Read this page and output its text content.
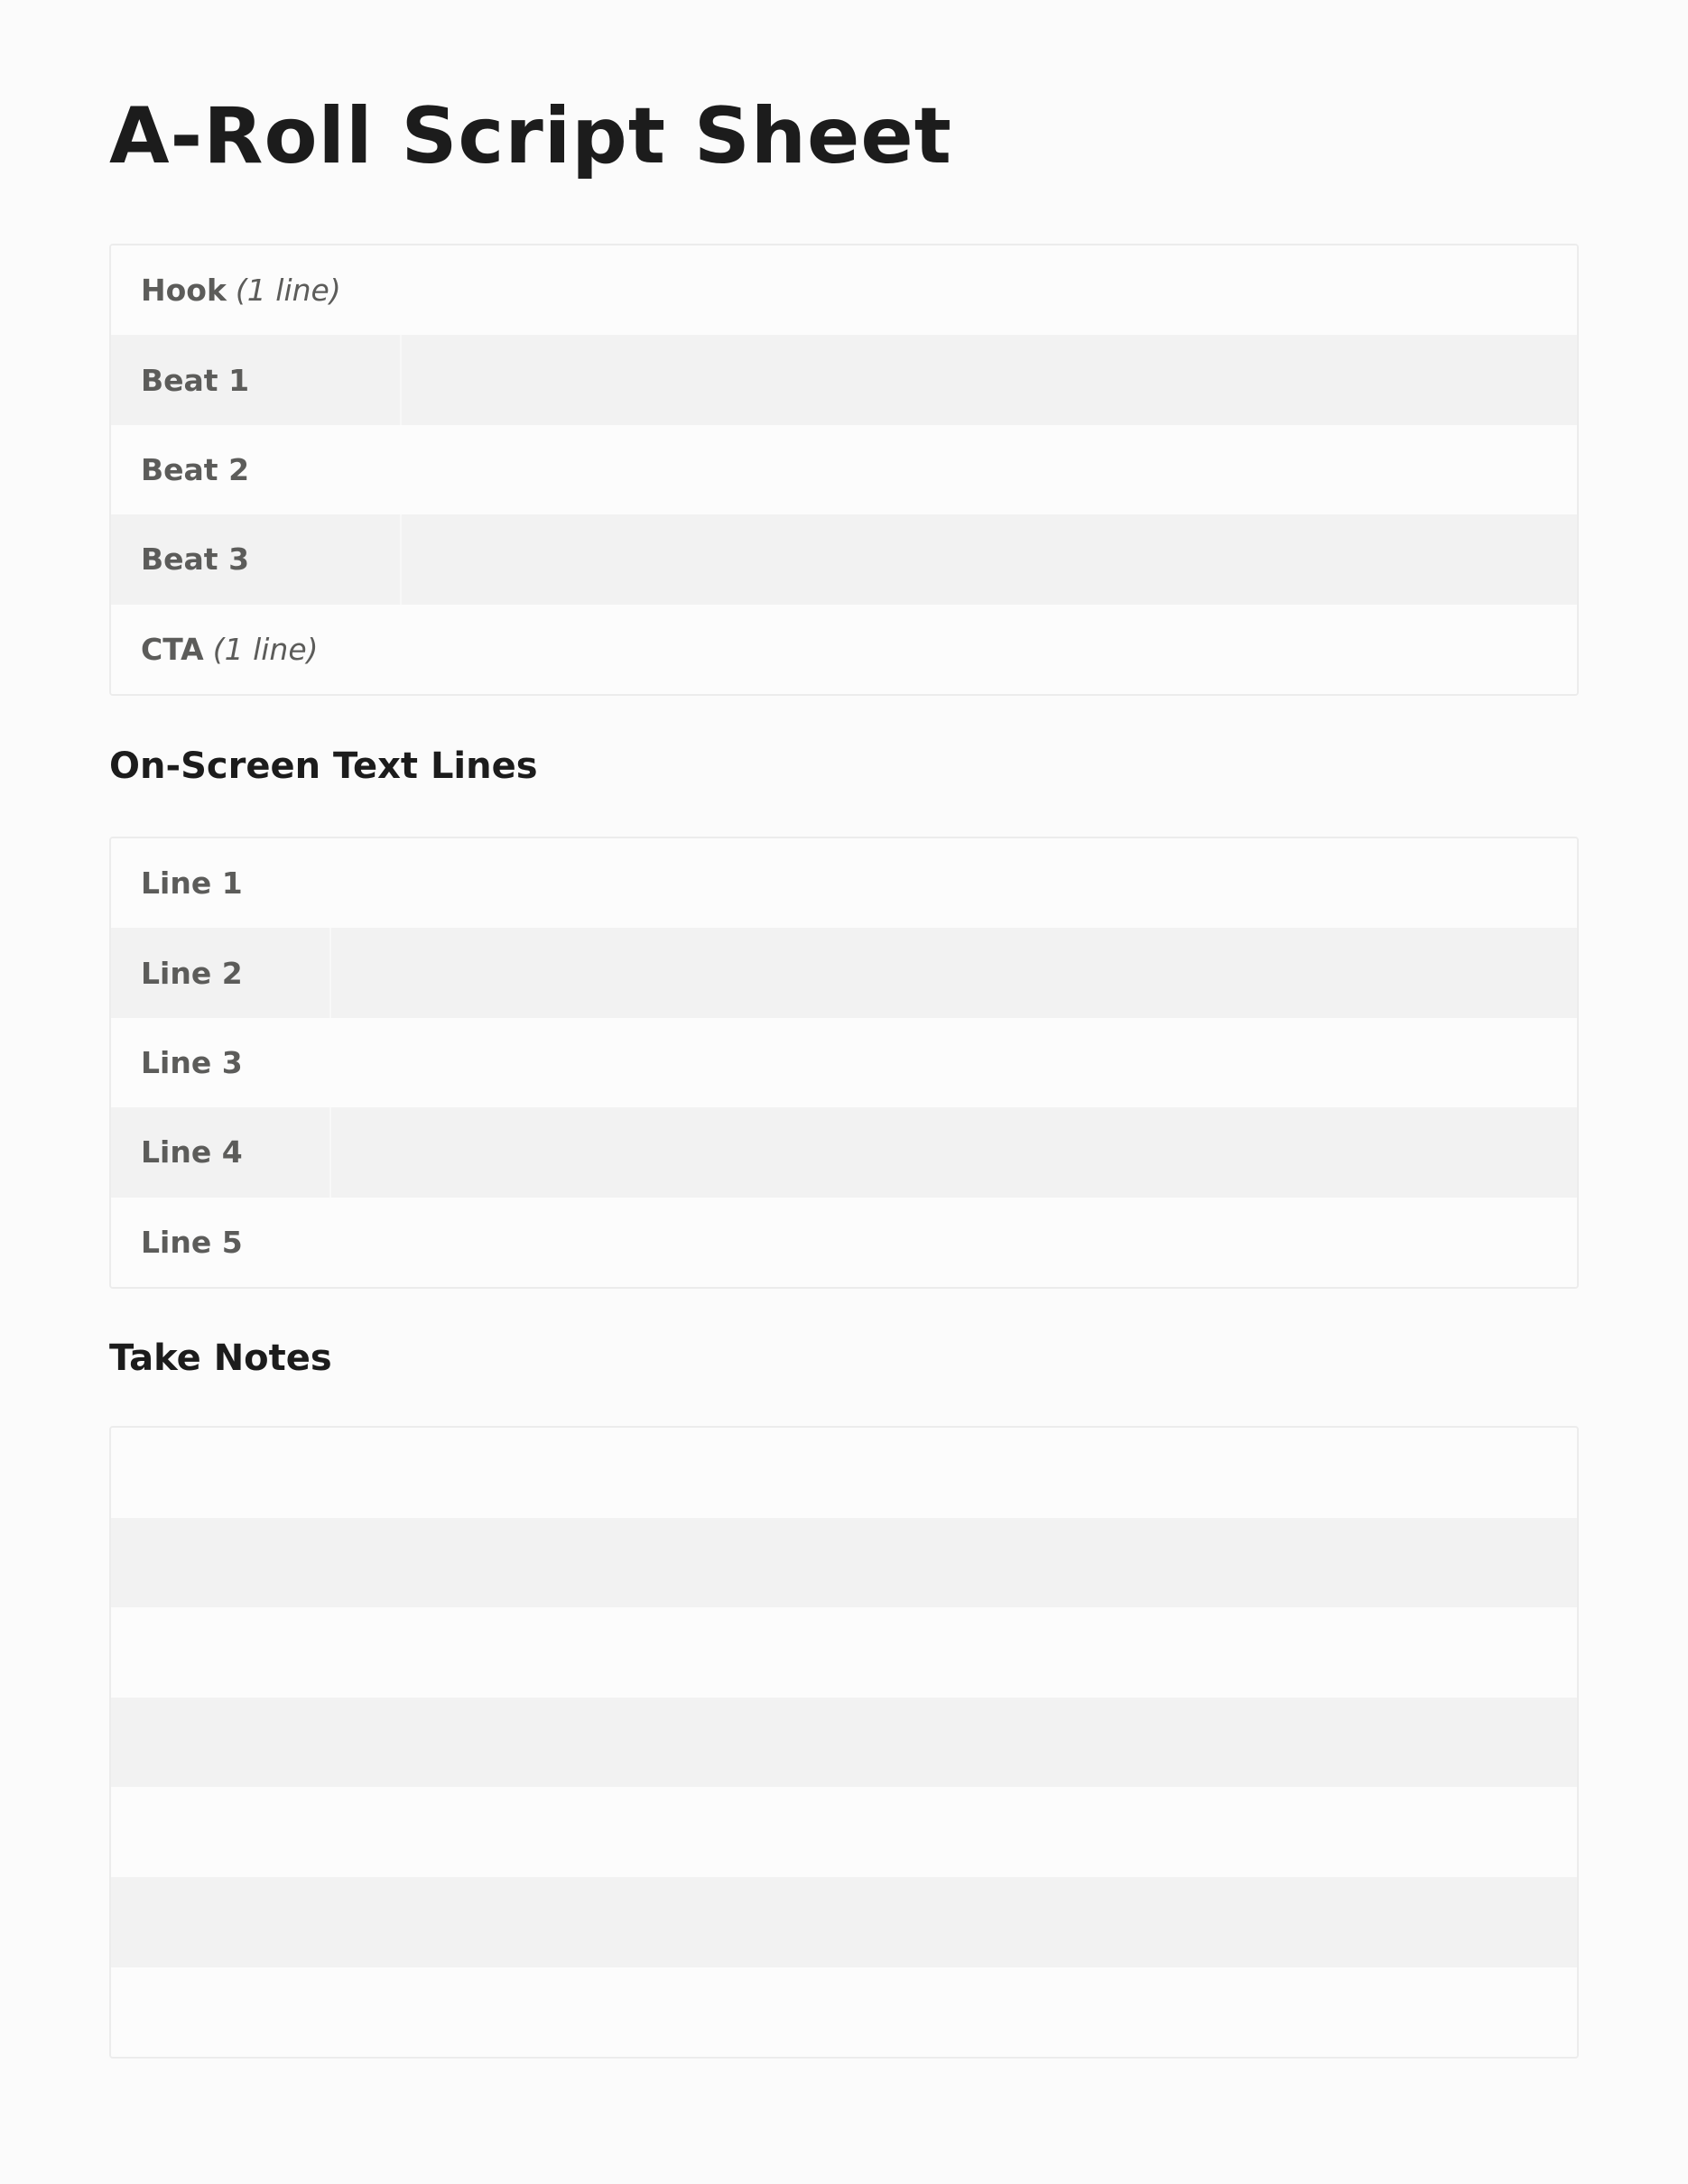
A-Roll Script Sheet
Hook (1 line)
Beat 1
Beat 2
Beat 3
CTA (1 line)
On-Screen Text Lines
Line 1
Line 2
Line 3
Line 4
Line 5
Take Notes
